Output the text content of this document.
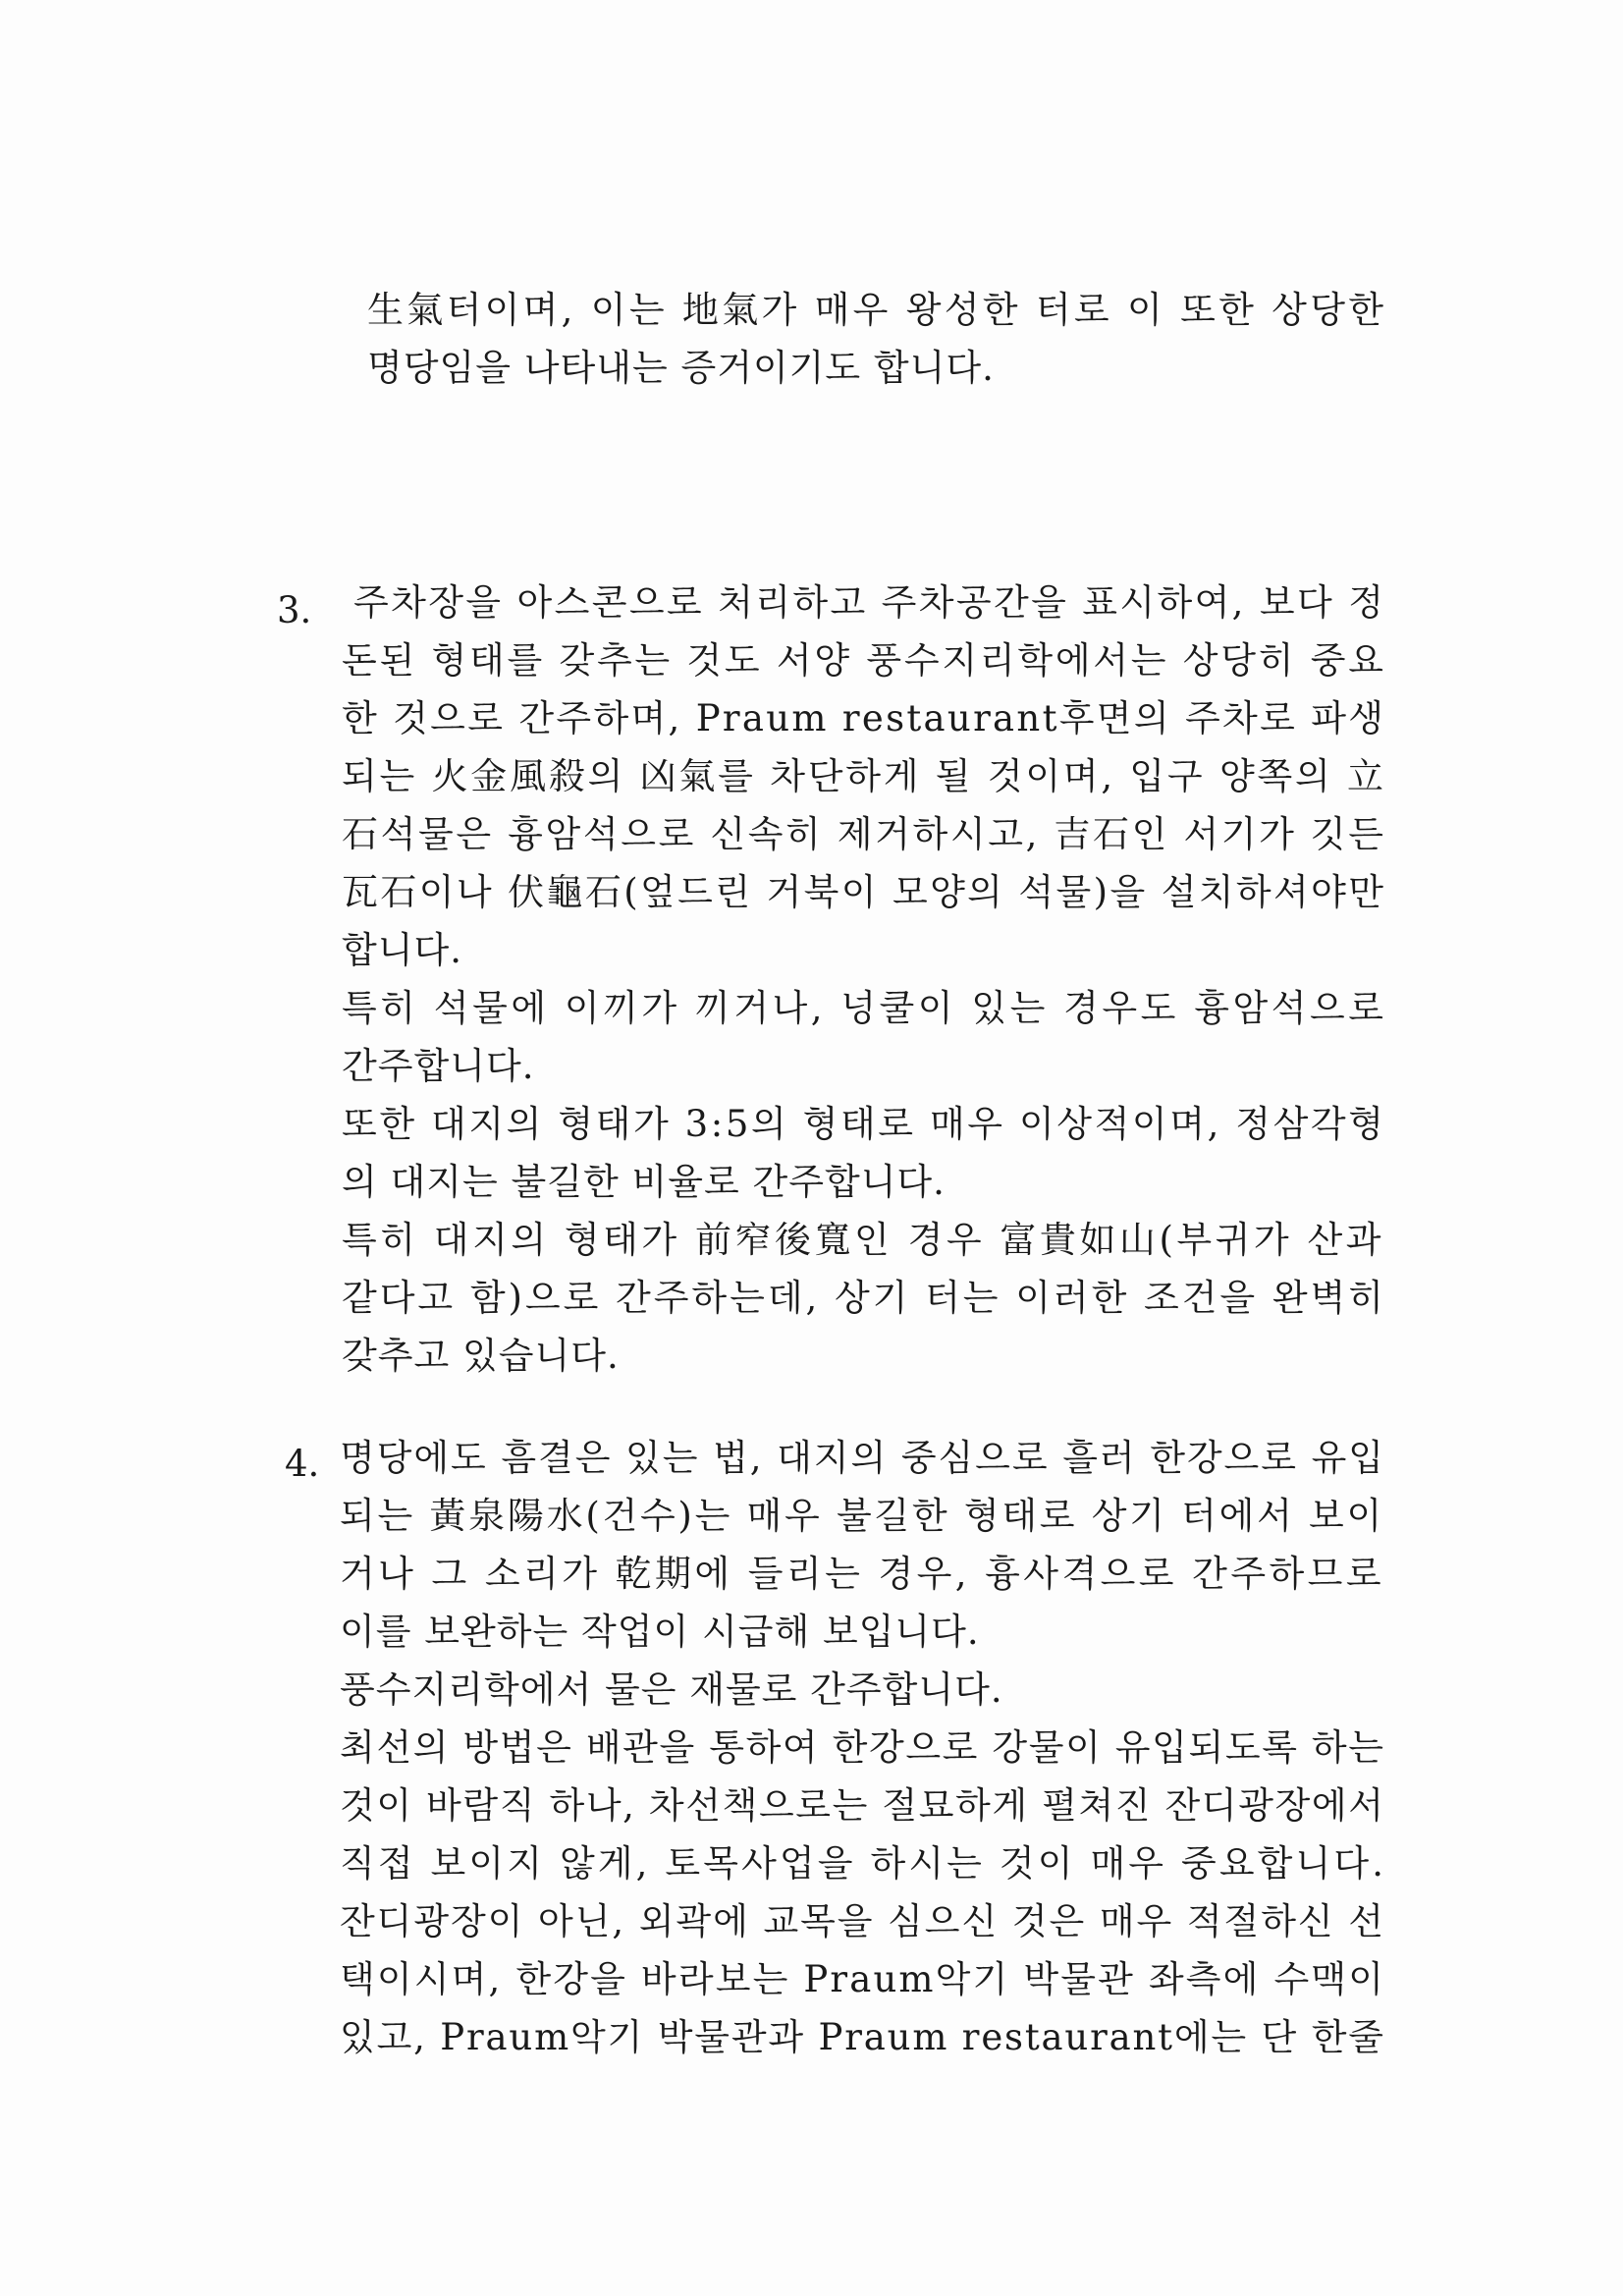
生氣터이며, 이는 地氣가 매우 왕성한 터로 이 또한 상당한
명당임을 나타내는 증거이기도 합니다.
3. 주차장을 아스콘으로 처리하고 주차공간을 표시하여, 보다 정
돈된 형태를 갖추는 것도 서양 풍수지리학에서는 상당히 중요
한 것으로 간주하며, Praum restaurant후면의 주차로 파생
되는 火金風殺의 凶氣를 차단하게 될 것이며, 입구 양쪽의 立
石석물은 흉암석으로 신속히 제거하시고, 吉石인 서기가 깃든
瓦石이나 伏龜石(엎드린 거북이 모양의 석물)을 설치하셔야만
합니다.
특히 석물에 이끼가 끼거나, 넝쿨이 있는 경우도 흉암석으로
간주합니다.
또한 대지의 형태가 3:5의 형태로 매우 이상적이며, 정삼각형
의 대지는 불길한 비율로 간주합니다.
특히 대지의 형태가 前窄後寬인 경우 富貴如山(부귀가 산과
같다고 함)으로 간주하는데, 상기 터는 이러한 조건을 완벽히
갖추고 있습니다.
4. 명당에도 흠결은 있는 법, 대지의 중심으로 흘러 한강으로 유입
되는 黃泉陽水(건수)는 매우 불길한 형태로 상기 터에서 보이
거나 그 소리가 乾期에 들리는 경우, 흉사격으로 간주하므로
이를 보완하는 작업이 시급해 보입니다.
풍수지리학에서 물은 재물로 간주합니다.
최선의 방법은 배관을 통하여 한강으로 강물이 유입되도록 하는
것이 바람직 하나, 차선책으로는 절묘하게 펼쳐진 잔디광장에서
직접 보이지 않게, 토목사업을 하시는 것이 매우 중요합니다.
잔디광장이 아닌, 외곽에 교목을 심으신 것은 매우 적절하신 선
택이시며, 한강을 바라보는 Praum악기 박물관 좌측에 수맥이
있고, Praum악기 박물관과 Praum restaurant에는 단 한줄
